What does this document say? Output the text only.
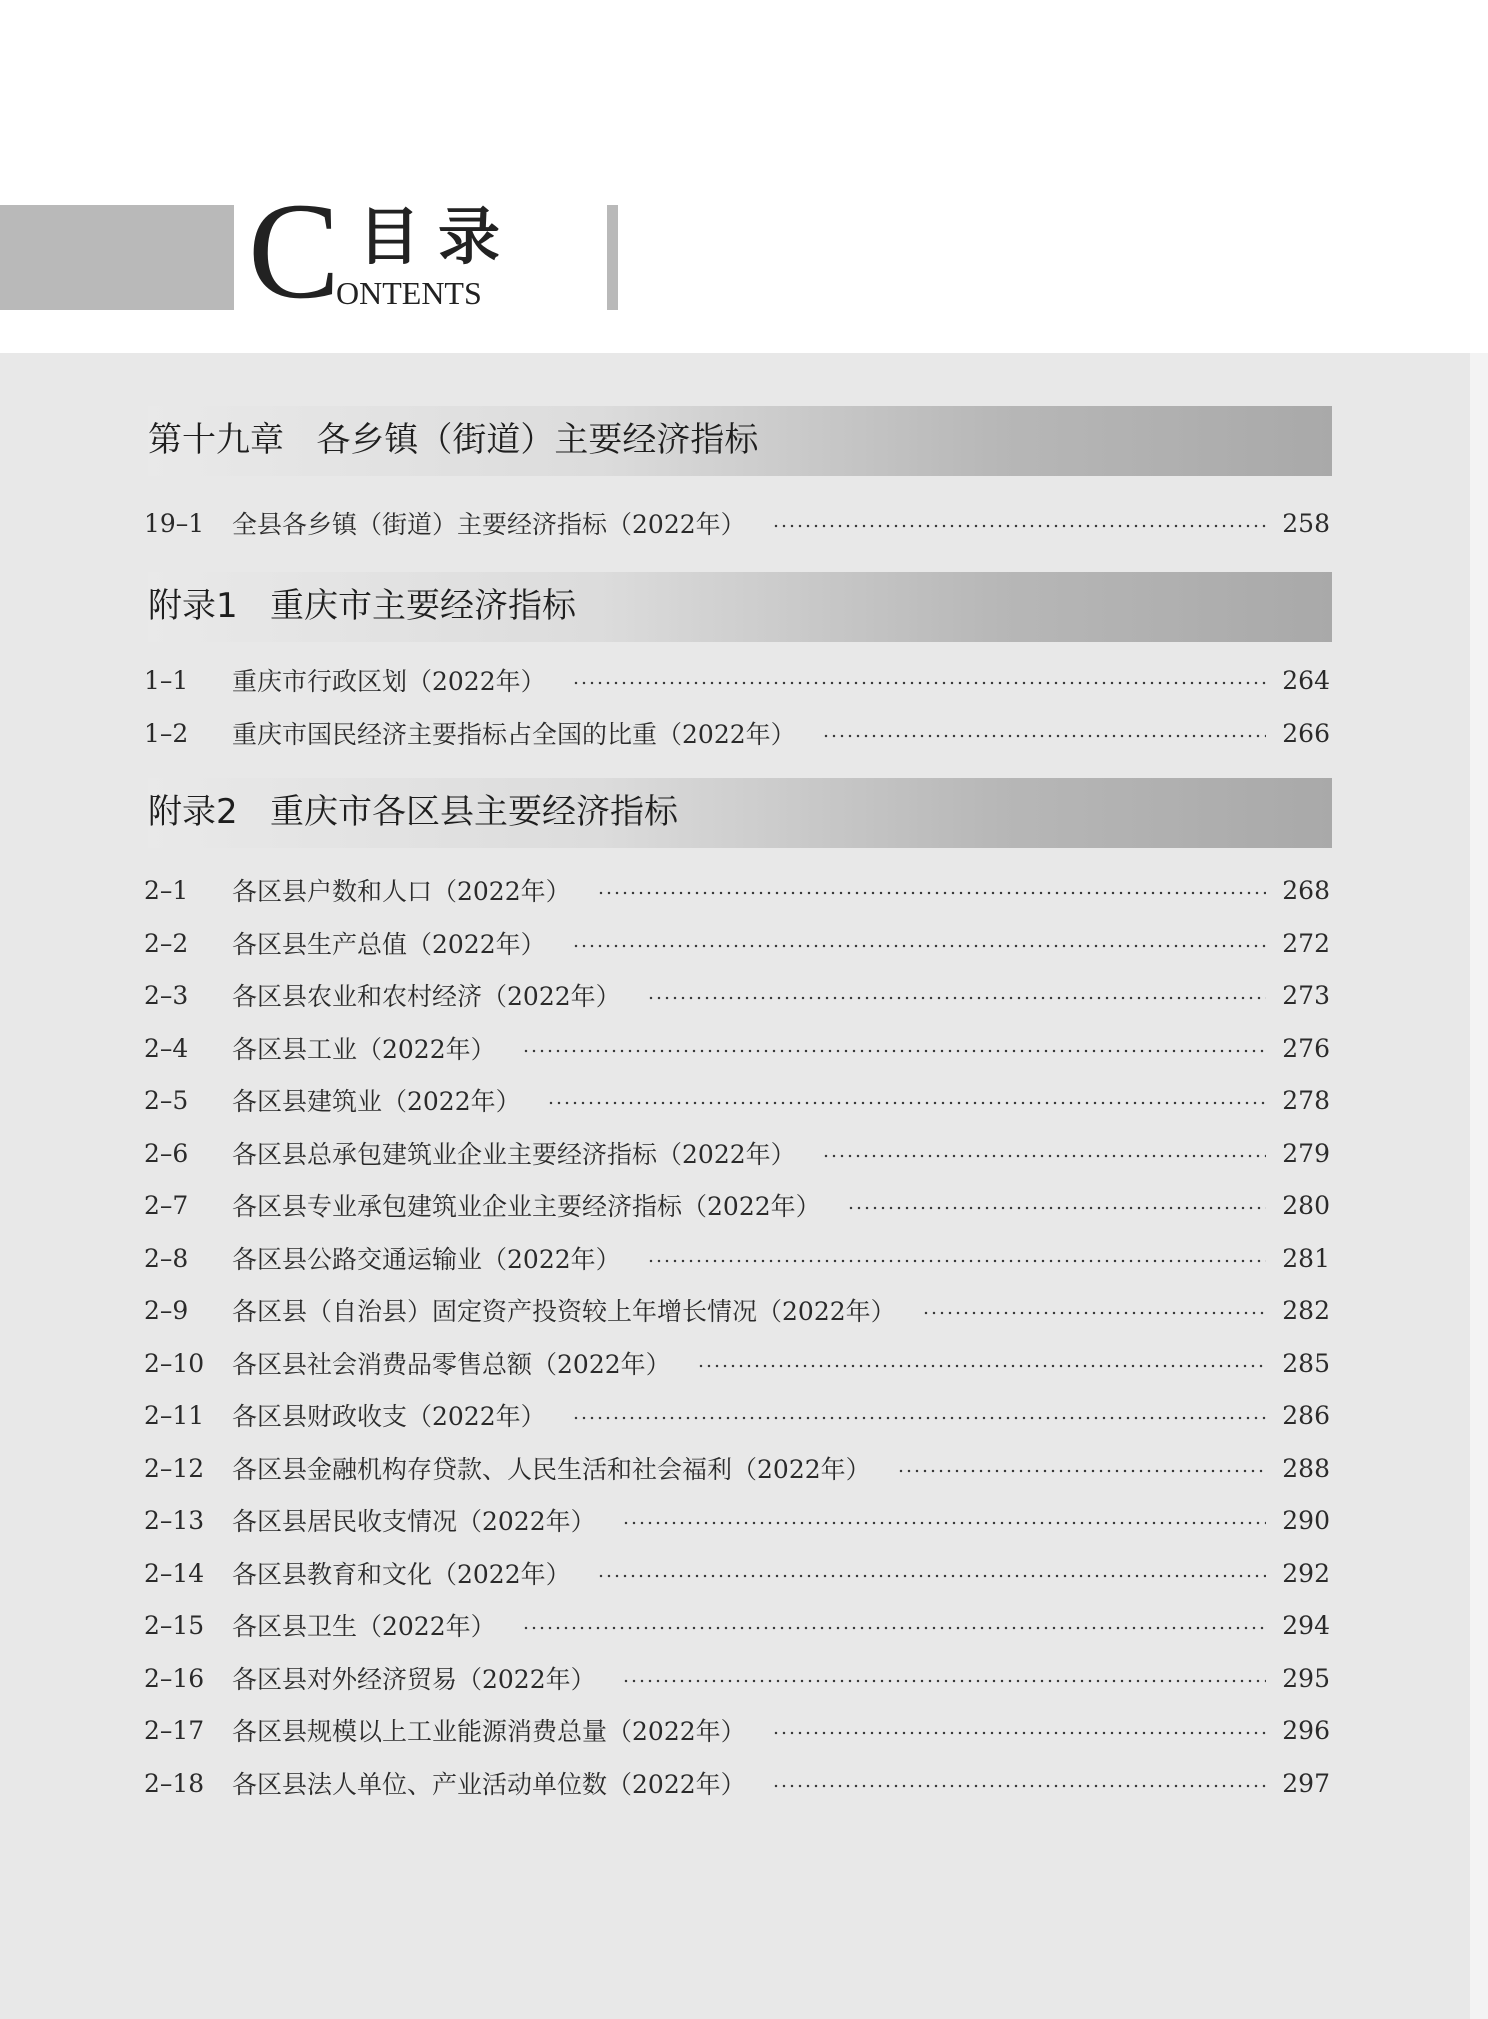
C 目录
ONTENTS
第十九章   各乡镇（街道）主要经济指标
19–1	全县各乡镇（街道）主要经济指标（2022年）	258
附录1   重庆市主要经济指标
1–1	重庆市行政区划（2022年）	264
1–2	重庆市国民经济主要指标占全国的比重（2022年）	266
附录2   重庆市各区县主要经济指标
2–1	各区县户数和人口（2022年）	268
2–2	各区县生产总值（2022年）	272
2–3	各区县农业和农村经济（2022年）	273
2–4	各区县工业（2022年）	276
2–5	各区县建筑业（2022年）	278
2–6	各区县总承包建筑业企业主要经济指标（2022年）	279
2–7	各区县专业承包建筑业企业主要经济指标（2022年）	280
2–8	各区县公路交通运输业（2022年）	281
2–9	各区县（自治县）固定资产投资较上年增长情况（2022年）	282
2–10	各区县社会消费品零售总额（2022年）	285
2–11	各区县财政收支（2022年）	286
2–12	各区县金融机构存贷款、人民生活和社会福利（2022年）	288
2–13	各区县居民收支情况（2022年）	290
2–14	各区县教育和文化（2022年）	292
2–15	各区县卫生（2022年）	294
2–16	各区县对外经济贸易（2022年）	295
2–17	各区县规模以上工业能源消费总量（2022年）	296
2–18	各区县法人单位、产业活动单位数（2022年）	297
